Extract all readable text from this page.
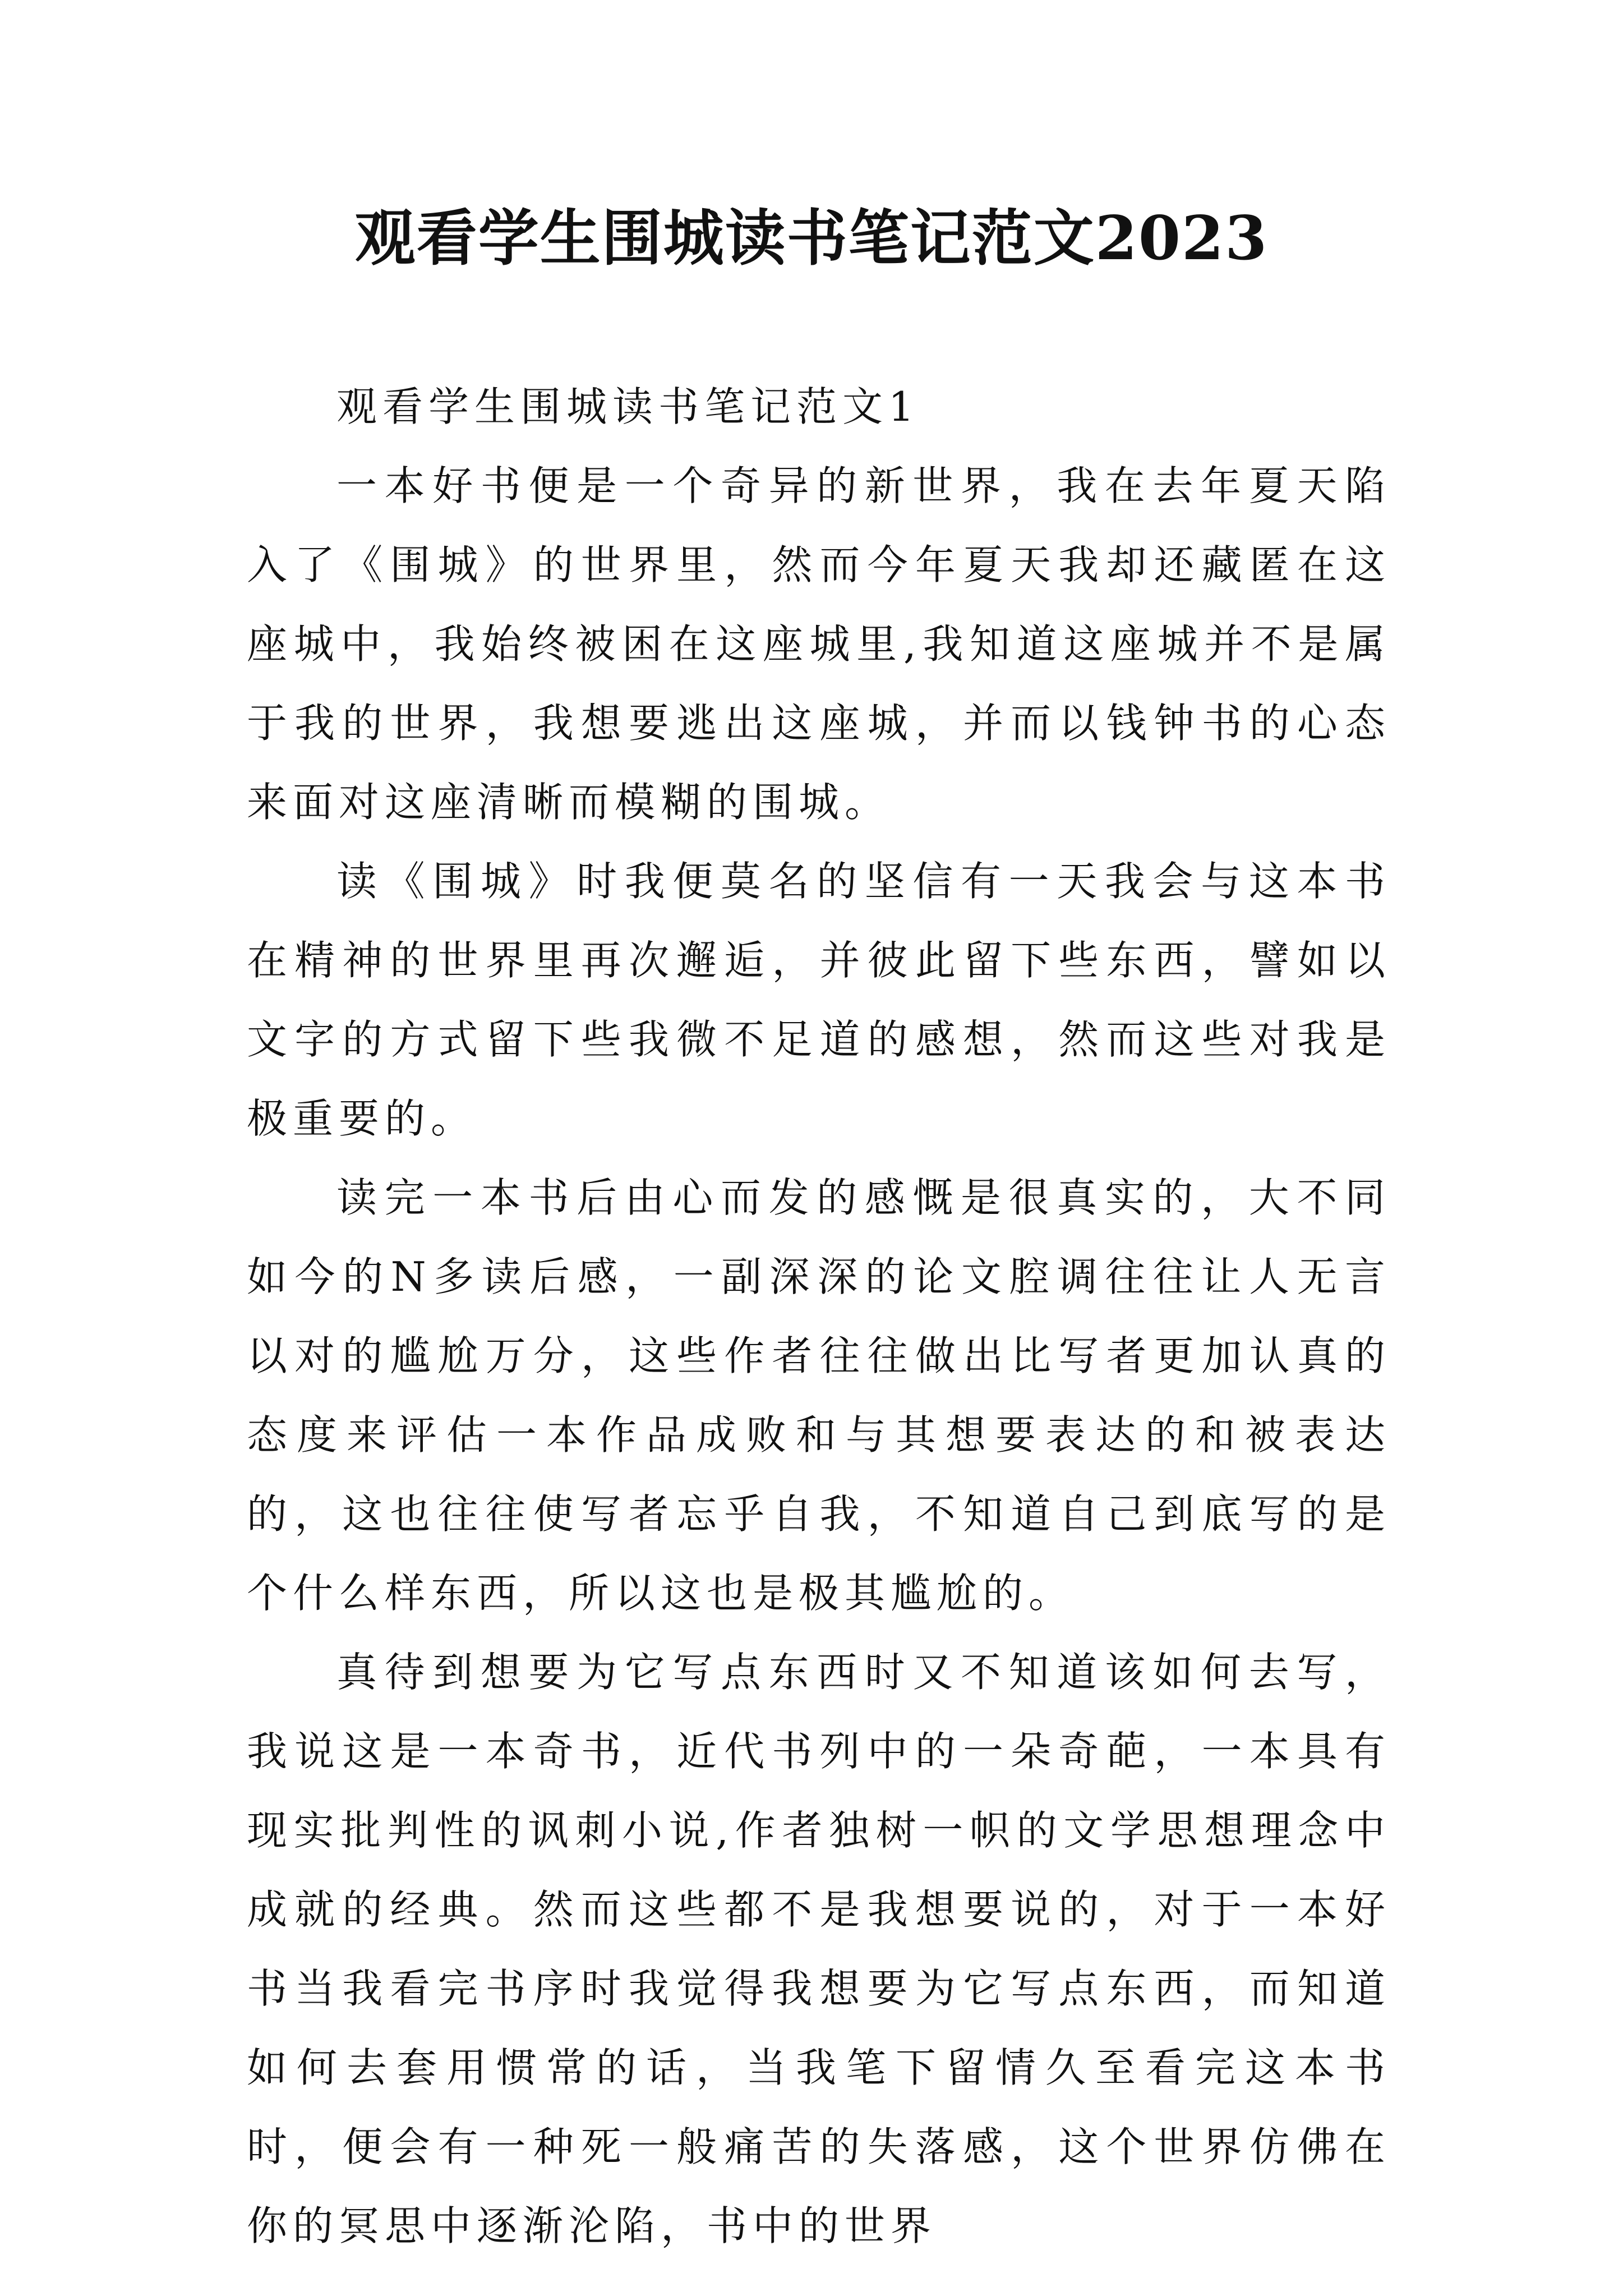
观看学生围城读书笔记范文2023

观看学生围城读书笔记范文1

一本好书便是一个奇异的新世界，我在去年夏天陷入了《围城》的世界里，然而今年夏天我却还藏匿在这座城中，我始终被困在这座城里,我知道这座城并不是属于我的世界，我想要逃出这座城，并而以钱钟书的心态来面对这座清晰而模糊的围城。

读《围城》时我便莫名的坚信有一天我会与这本书在精神的世界里再次邂逅，并彼此留下些东西，譬如以文字的方式留下些我微不足道的感想，然而这些对我是极重要的。

读完一本书后由心而发的感慨是很真实的，大不同如今的N多读后感，一副深深的论文腔调往往让人无言以对的尴尬万分，这些作者往往做出比写者更加认真的态度来评估一本作品成败和与其想要表达的和被表达的，这也往往使写者忘乎自我，不知道自己到底写的是个什么样东西，所以这也是极其尴尬的。

真待到想要为它写点东西时又不知道该如何去写，我说这是一本奇书，近代书列中的一朵奇葩，一本具有现实批判性的讽刺小说,作者独树一帜的文学思想理念中成就的经典。然而这些都不是我想要说的，对于一本好书当我看完书序时我觉得我想要为它写点东西，而知道如何去套用惯常的话，当我笔下留情久至看完这本书时，便会有一种死一般痛苦的失落感，这个世界仿佛在你的冥思中逐渐沦陷，书中的世界
